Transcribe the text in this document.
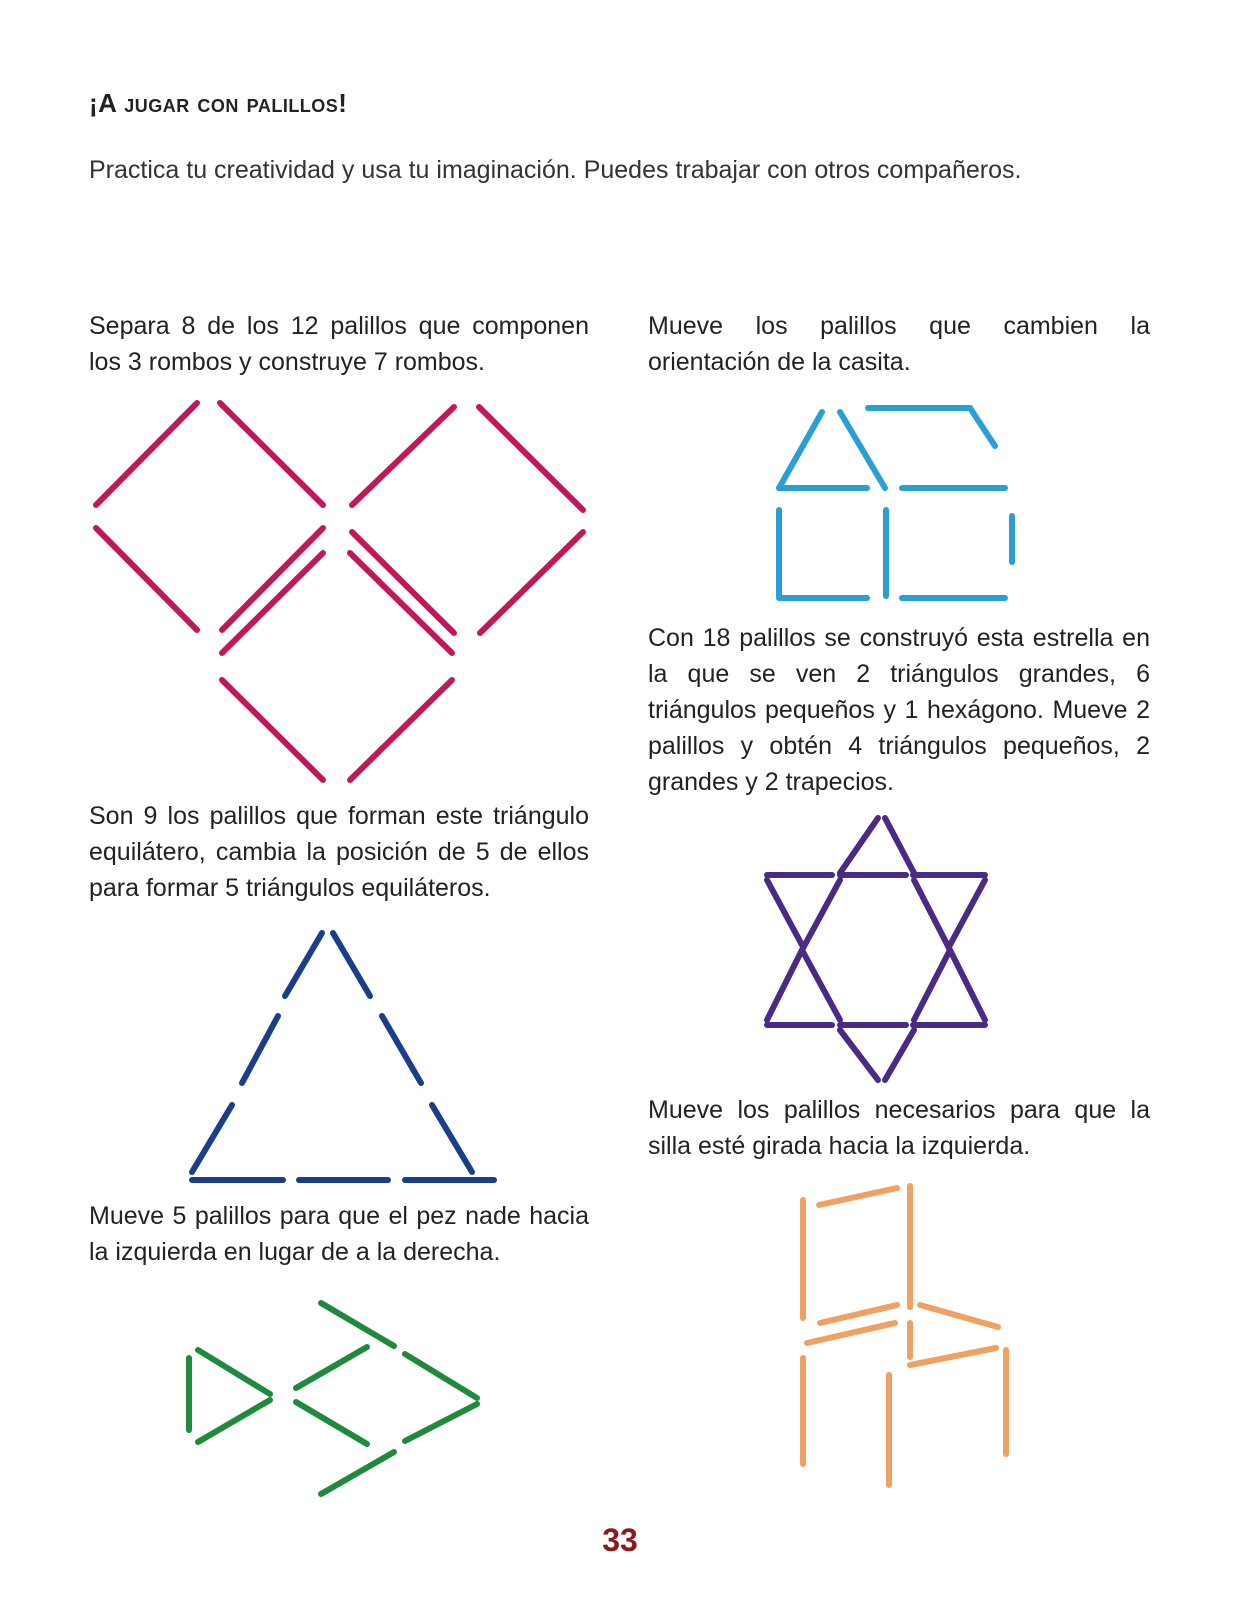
¡A jugar con palillos!
Practica tu creatividad y usa tu imaginación. Puedes trabajar con otros compañeros.
Separa 8 de los 12 palillos que componen los 3 rombos y construye 7 rombos.
Mueve los palillos que cambien la orientación de la casita.
Con 18 palillos se construyó esta estrella en la que se ven 2 triángulos grandes, 6 triángulos pequeños y 1 hexágono. Mueve 2 palillos y obtén 4 triángulos pequeños, 2 grandes y 2 trapecios.
Son 9 los palillos que forman este triángulo equilátero, cambia la posición de 5 de ellos para formar 5 triángulos equiláteros.
Mueve los palillos necesarios para que la silla esté girada hacia la izquierda.
Mueve 5 palillos para que el pez nade hacia la izquierda en lugar de a la derecha.
33
